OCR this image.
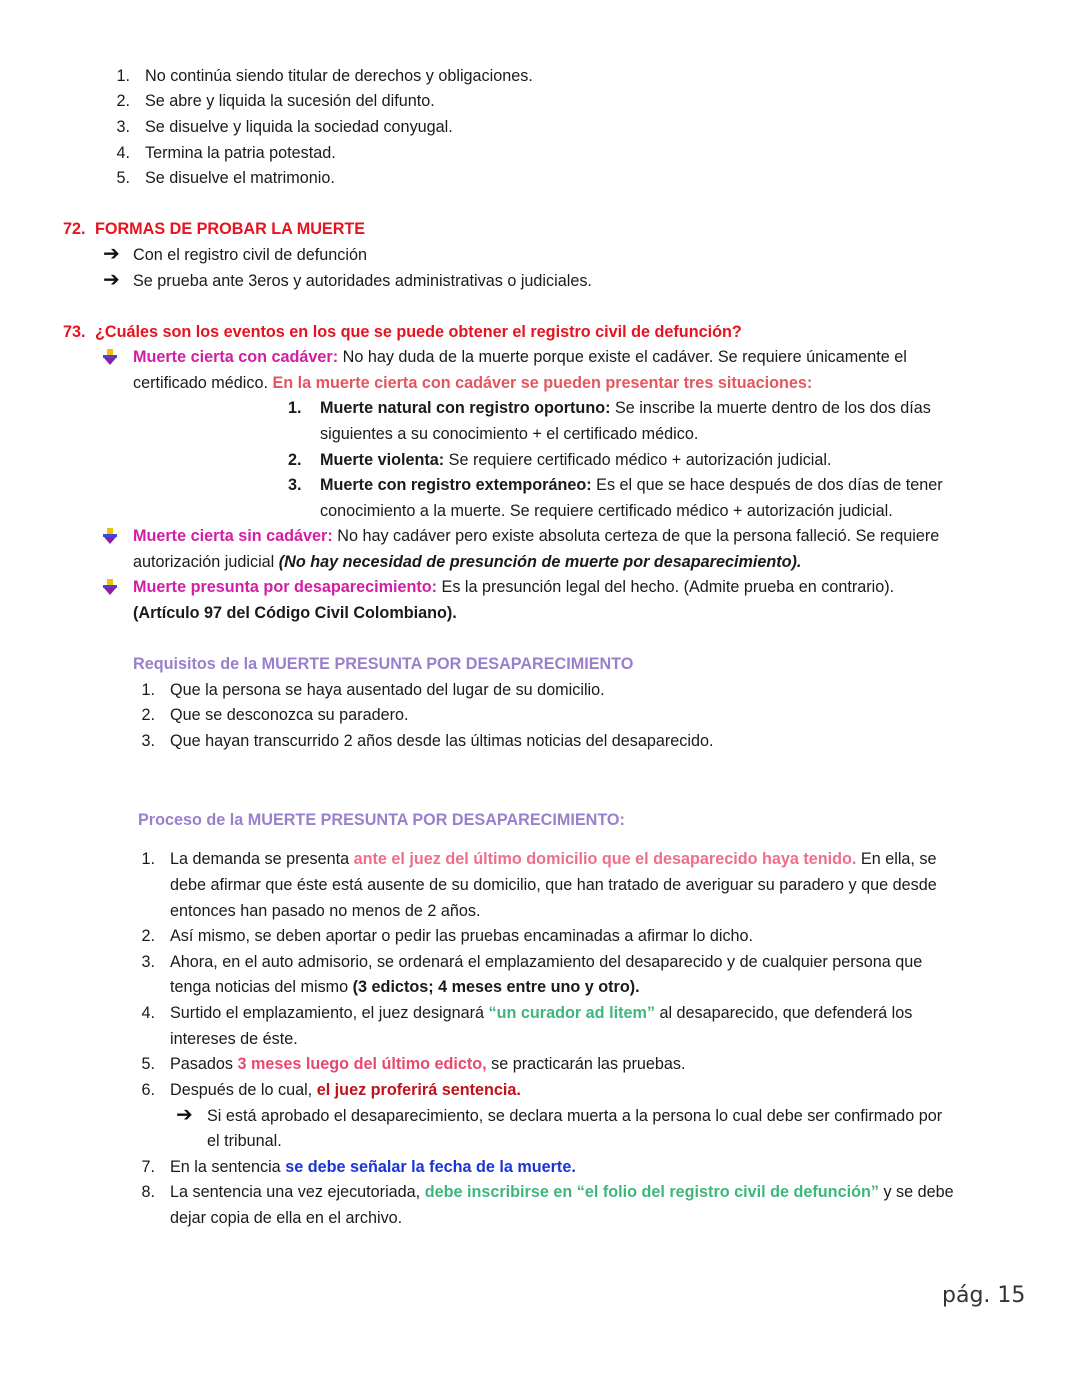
1. No continúa siendo titular de derechos y obligaciones.
2. Se abre y liquida la sucesión del difunto.
3. Se disuelve y liquida la sociedad conyugal.
4. Termina la patria potestad.
5. Se disuelve el matrimonio.
72. FORMAS DE PROBAR LA MUERTE
➔ Con el registro civil de defunción
➔ Se prueba ante 3eros y autoridades administrativas o judiciales.
73. ¿Cuáles son los eventos en los que se puede obtener el registro civil de defunción?
Muerte cierta con cadáver: No hay duda de la muerte porque existe el cadáver. Se requiere únicamente el
certificado médico. En la muerte cierta con cadáver se pueden presentar tres situaciones:
1. Muerte natural con registro oportuno: Se inscribe la muerte dentro de los dos días
siguientes a su conocimiento + el certificado médico.
2. Muerte violenta: Se requiere certificado médico + autorización judicial.
3. Muerte con registro extemporáneo: Es el que se hace después de dos días de tener
conocimiento a la muerte. Se requiere certificado médico + autorización judicial.
Muerte cierta sin cadáver: No hay cadáver pero existe absoluta certeza de que la persona falleció. Se requiere
autorización judicial (No hay necesidad de presunción de muerte por desaparecimiento).
Muerte presunta por desaparecimiento: Es la presunción legal del hecho. (Admite prueba en contrario).
(Artículo 97 del Código Civil Colombiano).
Requisitos de la MUERTE PRESUNTA POR DESAPARECIMIENTO
1. Que la persona se haya ausentado del lugar de su domicilio.
2. Que se desconozca su paradero.
3. Que hayan transcurrido 2 años desde las últimas noticias del desaparecido.
Proceso de la MUERTE PRESUNTA POR DESAPARECIMIENTO:
1. La demanda se presenta ante el juez del último domicilio que el desaparecido haya tenido. En ella, se
debe afirmar que éste está ausente de su domicilio, que han tratado de averiguar su paradero y que desde
entonces han pasado no menos de 2 años.
2. Así mismo, se deben aportar o pedir las pruebas encaminadas a afirmar lo dicho.
3. Ahora, en el auto admisorio, se ordenará el emplazamiento del desaparecido y de cualquier persona que
tenga noticias del mismo (3 edictos; 4 meses entre uno y otro).
4. Surtido el emplazamiento, el juez designará “un curador ad litem” al desaparecido, que defenderá los
intereses de éste.
5. Pasados 3 meses luego del último edicto, se practicarán las pruebas.
6. Después de lo cual, el juez proferirá sentencia.
➔ Si está aprobado el desaparecimiento, se declara muerta a la persona lo cual debe ser confirmado por
el tribunal.
7. En la sentencia se debe señalar la fecha de la muerte.
8. La sentencia una vez ejecutoriada, debe inscribirse en “el folio del registro civil de defunción” y se debe
dejar copia de ella en el archivo.
pág. 15
